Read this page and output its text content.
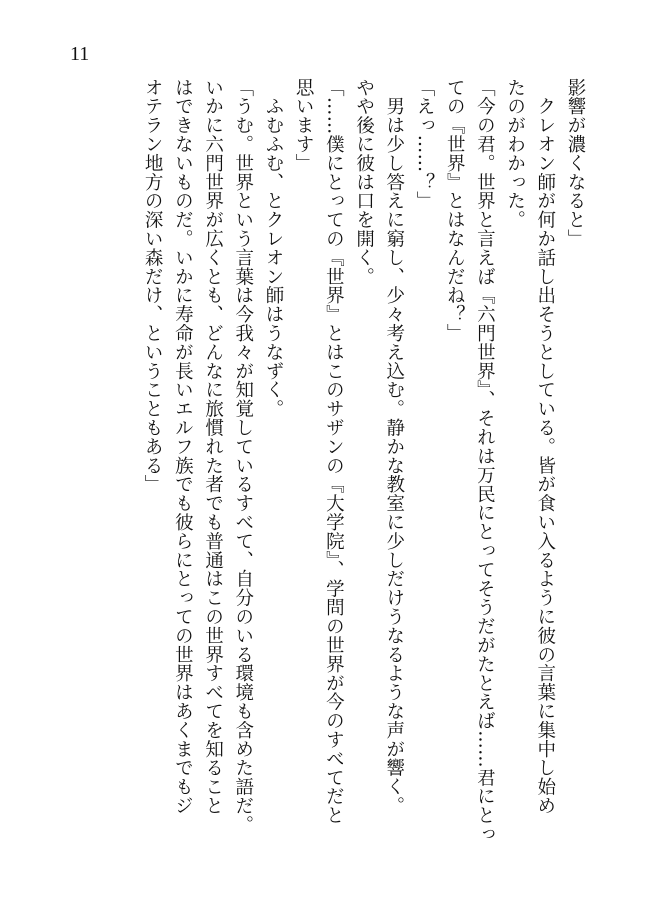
11

影響が濃くなると」

　クレオン師が何か話し出そうとしている。皆が食い入るように彼の言葉に集中し始め

たのがわかった。

「今の君。世界と言えば『六門世界』、それは万民にとってそうだがたとえば……君にとっ

ての『世界』とはなんだね？」

「えっ……？」

　男は少し答えに窮し、少々考え込む。静かな教室に少しだけうなるような声が響く。

やや後に彼は口を開く。

「……僕にとっての『世界』とはこのサザンの『大学院』、学問の世界が今のすべてだと

思います」

　ふむふむ、とクレオン師はうなずく。

「うむ。世界という言葉は今我々が知覚しているすべて、自分のいる環境も含めた語だ。

いかに六門世界が広くとも、どんなに旅慣れた者でも普通はこの世界すべてを知ること

はできないものだ。いかに寿命が長いエルフ族でも彼らにとっての世界はあくまでもジ

オテラン地方の深い森だけ、ということもある」
